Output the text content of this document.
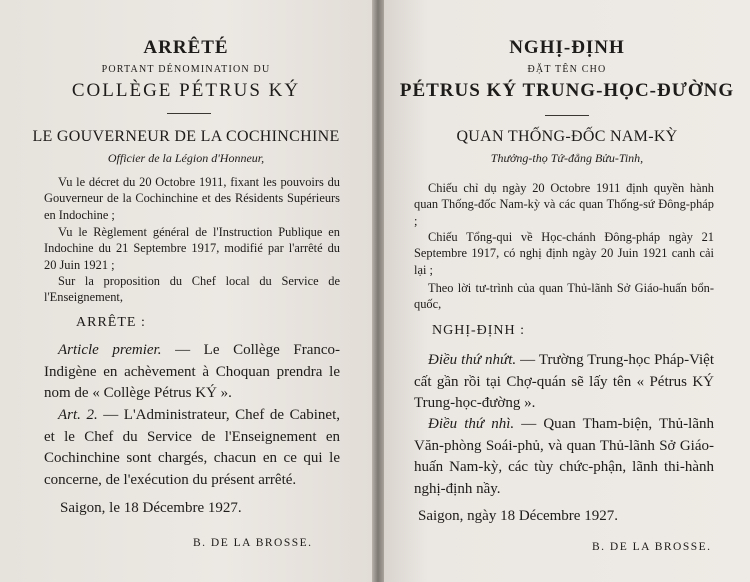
ARRÊTÉ
PORTANT DÉNOMINATION DU
COLLÈGE PÉTRUS KÝ
LE GOUVERNEUR DE LA COCHINCHINE
Officier de la Légion d'Honneur,
Vu le décret du 20 Octobre 1911, fixant les pouvoirs du Gouverneur de la Cochinchine et des Résidents Supérieurs en Indochine ;
Vu le Règlement général de l'Instruction Publique en Indochine du 21 Septembre 1917, modifié par l'arrêté du 20 Juin 1921 ;
Sur la proposition du Chef local du Service de l'Enseignement,
ARRÊTE :
Article premier. — Le Collège Franco-Indigène en achèvement à Choquan prendra le nom de « Collège Pétrus KÝ ».
Art. 2. — L'Administrateur, Chef de Cabinet, et le Chef du Service de l'Enseignement en Cochinchine sont chargés, chacun en ce qui le concerne, de l'exécution du présent arrêté.
Saigon, le 18 Décembre 1927.
B. DE LA BROSSE.
NGHỊ-ĐỊNH
ĐẶT TÊN CHO
PÉTRUS KÝ TRUNG-HỌC-ĐƯỜNG
QUAN THỐNG-ĐỐC NAM-KỲ
Thưởng-thọ Tứ-đẳng Bửu-Tinh,
Chiếu chỉ dụ ngày 20 Octobre 1911 định quyền hành quan Thống-đốc Nam-kỳ và các quan Thống-sứ Đông-pháp ;
Chiếu Tổng-qui về Học-chánh Đông-pháp ngày 21 Septembre 1917, có nghị định ngày 20 Juin 1921 canh cải lại ;
Theo lời tư-trình của quan Thủ-lãnh Sở Giáo-huấn bổn-quốc,
NGHỊ-ĐỊNH :
Điều thứ nhứt. — Trường Trung-học Pháp-Việt cất gần rồi tại Chợ-quán sẽ lấy tên « Pétrus KÝ Trung-học-đường ».
Điều thứ nhì. — Quan Tham-biện, Thủ-lãnh Văn-phòng Soái-phủ, và quan Thủ-lãnh Sở Giáo-huấn Nam-kỳ, các tùy chức-phận, lãnh thi-hành nghị-định nầy.
Saigon, ngày 18 Décembre 1927.
B. DE LA BROSSE.
